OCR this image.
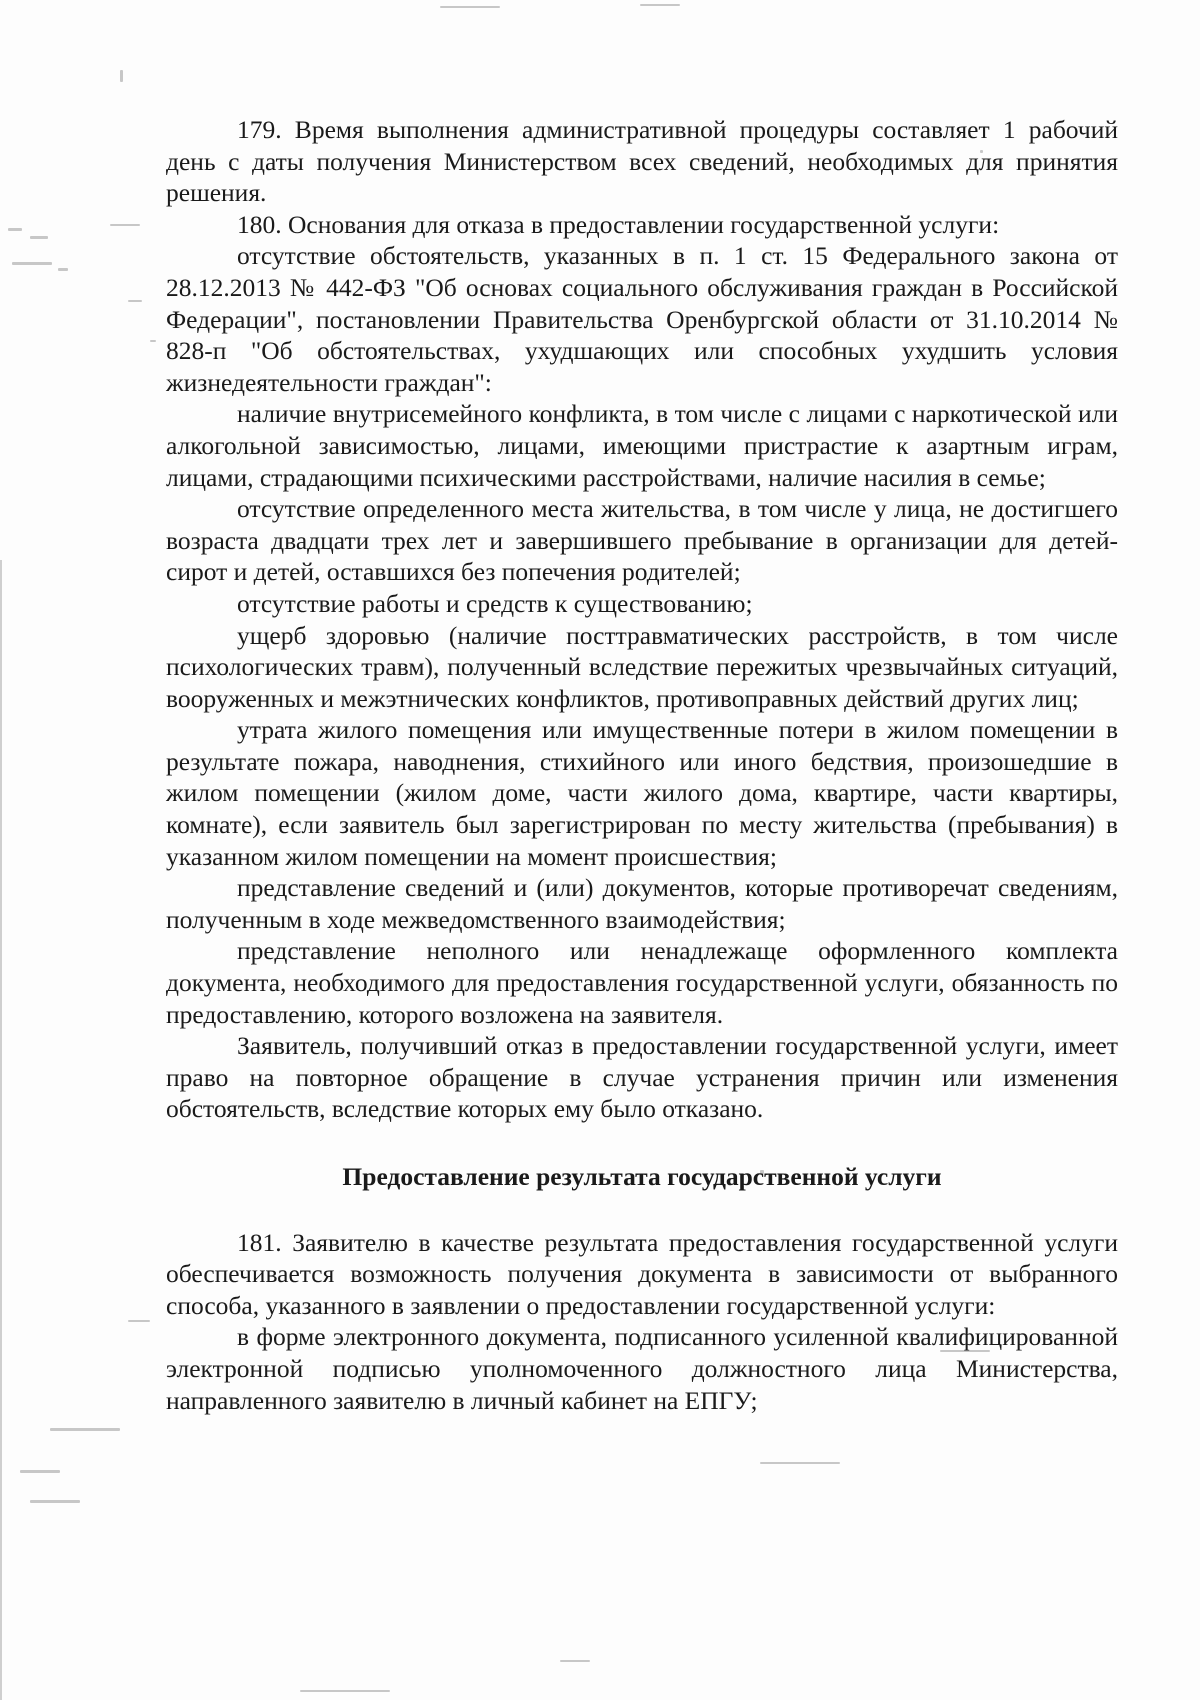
179. Время выполнения административной процедуры составляет 1 рабочий день с даты получения Министерством всех сведений, необходимых для принятия решения.

180. Основания для отказа в предоставлении государственной услуги:

отсутствие обстоятельств, указанных в п. 1 ст. 15 Федерального закона от 28.12.2013 № 442-ФЗ "Об основах социального обслуживания граждан в Российской Федерации", постановлении Правительства Оренбургской области от 31.10.2014 № 828-п "Об обстоятельствах, ухудшающих или способных ухудшить условия жизнедеятельности граждан":

наличие внутрисемейного конфликта, в том числе с лицами с наркотической или алкогольной зависимостью, лицами, имеющими пристрастие к азартным играм, лицами, страдающими психическими расстройствами, наличие насилия в семье;

отсутствие определенного места жительства, в том числе у лица, не достигшего возраста двадцати трех лет и завершившего пребывание в организации для детей-сирот и детей, оставшихся без попечения родителей;

отсутствие работы и средств к существованию;

ущерб здоровью (наличие посттравматических расстройств, в том числе психологических травм), полученный вследствие пережитых чрезвычайных ситуаций, вооруженных и межэтнических конфликтов, противоправных действий других лиц;

утрата жилого помещения или имущественные потери в жилом помещении в результате пожара, наводнения, стихийного или иного бедствия, произошедшие в жилом помещении (жилом доме, части жилого дома, квартире, части квартиры, комнате), если заявитель был зарегистрирован по месту жительства (пребывания) в указанном жилом помещении на момент происшествия;

представление сведений и (или) документов, которые противоречат сведениям, полученным в ходе межведомственного взаимодействия;

представление неполного или ненадлежаще оформленного комплекта документа, необходимого для предоставления государственной услуги, обязанность по предоставлению, которого возложена на заявителя.

Заявитель, получивший отказ в предоставлении государственной услуги, имеет право на повторное обращение в случае устранения причин или изменения обстоятельств, вследствие которых ему было отказано.

Предоставление результата государственной услуги

181. Заявителю в качестве результата предоставления государственной услуги обеспечивается возможность получения документа в зависимости от выбранного способа, указанного в заявлении о предоставлении государственной услуги:

в форме электронного документа, подписанного усиленной квалифицированной электронной подписью уполномоченного должностного лица Министерства, направленного заявителю в личный кабинет на ЕПГУ;
